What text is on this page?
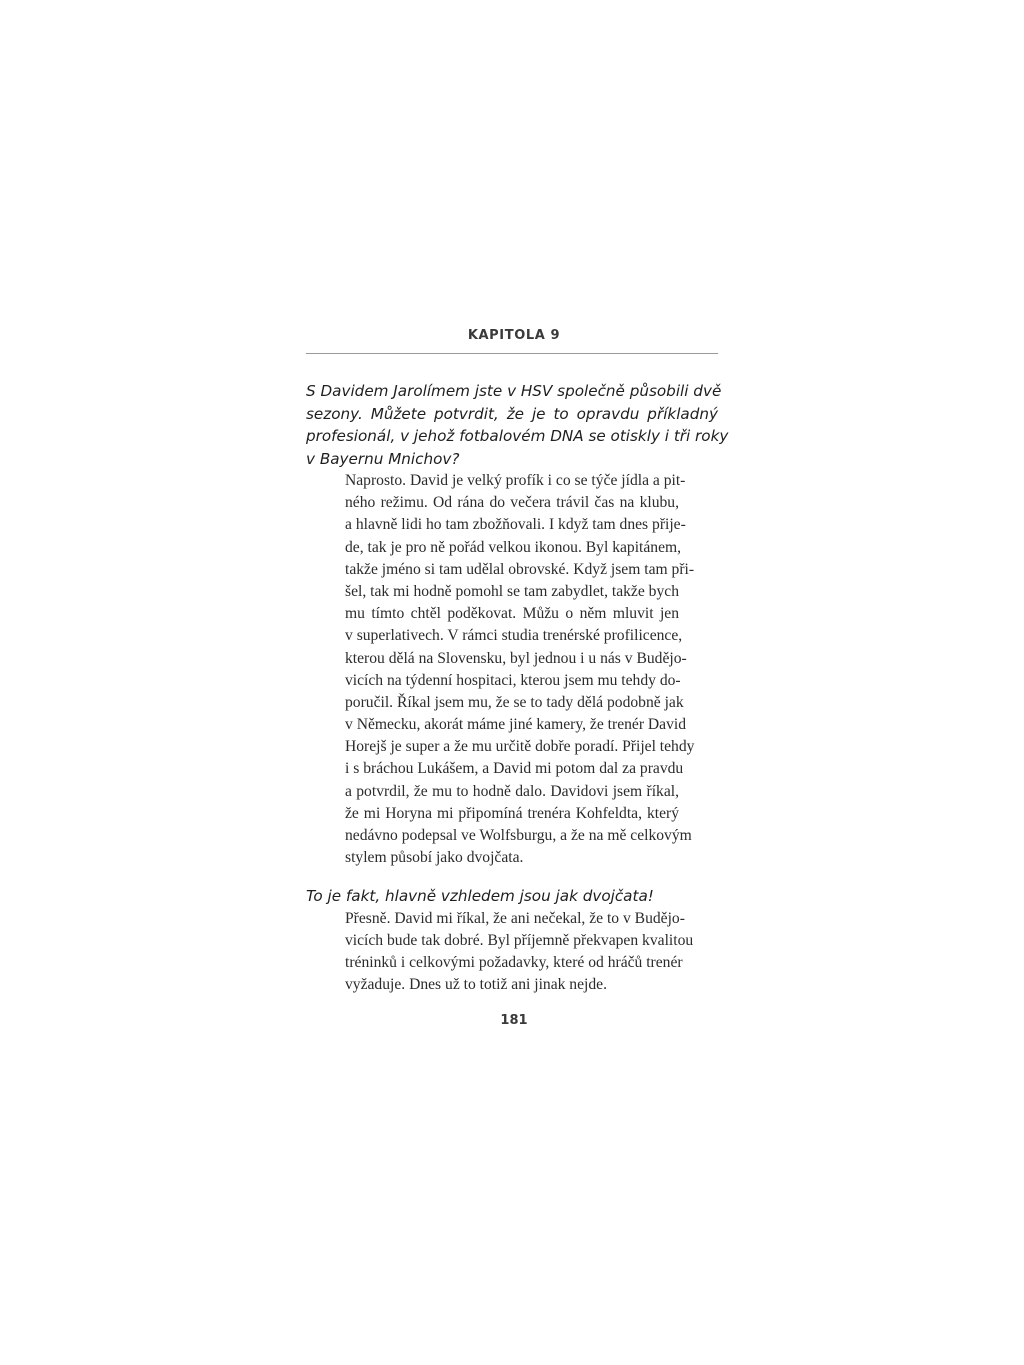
KAPITOLA 9
S Davidem Jarolímem jste v HSV společně působili dvě
sezony. Můžete potvrdit, že je to opravdu příkladný
profesionál, v jehož fotbalovém DNA se otiskly i tři roky
v Bayernu Mnichov?
Naprosto. David je velký profík i co se týče jídla a pit-
ného režimu. Od rána do večera trávil čas na klubu,
a hlavně lidi ho tam zbožňovali. I když tam dnes přije-
de, tak je pro ně pořád velkou ikonou. Byl kapitánem,
takže jméno si tam udělal obrovské. Když jsem tam při-
šel, tak mi hodně pomohl se tam zabydlet, takže bych
mu tímto chtěl poděkovat. Můžu o něm mluvit jen
v superlativech. V rámci studia trenérské profilicence,
kterou dělá na Slovensku, byl jednou i u nás v Budějo-
vicích na týdenní hospitaci, kterou jsem mu tehdy do-
poručil. Říkal jsem mu, že se to tady dělá podobně jak
v Německu, akorát máme jiné kamery, že trenér David
Horejš je super a že mu určitě dobře poradí. Přijel tehdy
i s bráchou Lukášem, a David mi potom dal za pravdu
a potvrdil, že mu to hodně dalo. Davidovi jsem říkal,
že mi Horyna mi připomíná trenéra Kohfeldta, který
nedávno podepsal ve Wolfsburgu, a že na mě celkovým
stylem působí jako dvojčata.
To je fakt, hlavně vzhledem jsou jak dvojčata!
Přesně. David mi říkal, že ani nečekal, že to v Budějo-
vicích bude tak dobré. Byl příjemně překvapen kvalitou
tréninků i celkovými požadavky, které od hráčů trenér
vyžaduje. Dnes už to totiž ani jinak nejde.
181
